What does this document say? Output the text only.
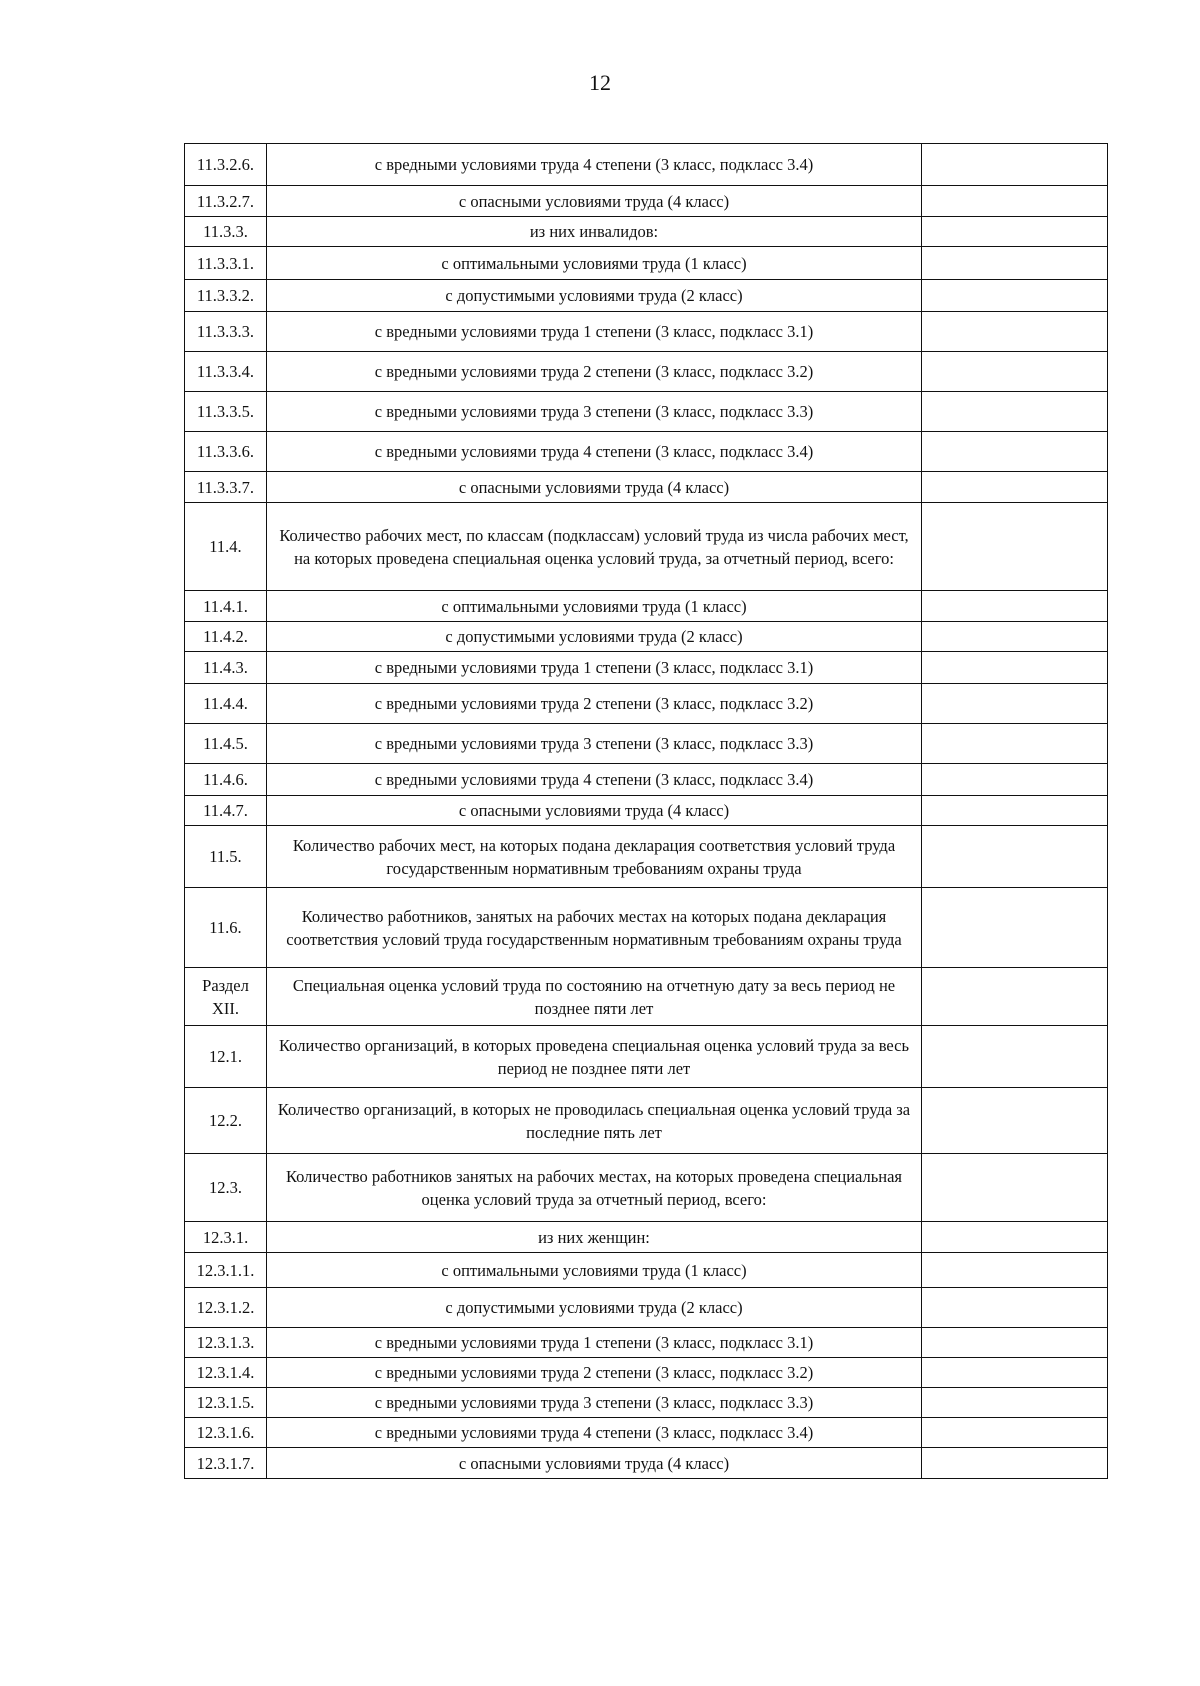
12
11.3.2.6.	с вредными условиями труда 4 степени (3 класс, подкласс 3.4)	
11.3.2.7.	с опасными условиями труда (4 класс)	
11.3.3.	из них инвалидов:	
11.3.3.1.	с оптимальными условиями труда (1 класс)	
11.3.3.2.	с допустимыми условиями труда (2 класс)	
11.3.3.3.	с вредными условиями труда 1 степени (3 класс, подкласс 3.1)	
11.3.3.4.	с вредными условиями труда 2 степени (3 класс, подкласс 3.2)	
11.3.3.5.	с вредными условиями труда 3 степени (3 класс, подкласс 3.3)	
11.3.3.6.	с вредными условиями труда 4 степени (3 класс, подкласс 3.4)	
11.3.3.7.	с опасными условиями труда (4 класс)	
11.4.	Количество рабочих мест, по классам (подклассам) условий труда из числа рабочих мест, на которых проведена специальная оценка условий труда, за отчетный период, всего:	
11.4.1.	с оптимальными условиями труда (1 класс)	
11.4.2.	с допустимыми условиями труда (2 класс)	
11.4.3.	с вредными условиями труда 1 степени (3 класс, подкласс 3.1)	
11.4.4.	с вредными условиями труда 2 степени (3 класс, подкласс 3.2)	
11.4.5.	с вредными условиями труда 3 степени (3 класс, подкласс 3.3)	
11.4.6.	с вредными условиями труда 4 степени (3 класс, подкласс 3.4)	
11.4.7.	с опасными условиями труда (4 класс)	
11.5.	Количество рабочих мест, на которых подана декларация соответствия условий труда государственным нормативным требованиям охраны труда	
11.6.	Количество работников, занятых на рабочих местах на которых подана декларация соответствия условий труда государственным нормативным требованиям охраны труда	
Раздел XII.	Специальная оценка условий труда по состоянию на отчетную дату за весь период не позднее пяти лет	
12.1.	Количество организаций, в которых проведена специальная оценка условий труда за весь период не позднее пяти лет	
12.2.	Количество организаций, в которых не проводилась специальная оценка условий труда за последние пять лет	
12.3.	Количество работников занятых на рабочих местах, на которых проведена специальная оценка условий труда за отчетный период, всего:	
12.3.1.	из них женщин:	
12.3.1.1.	с оптимальными условиями труда (1 класс)	
12.3.1.2.	с допустимыми условиями труда (2 класс)	
12.3.1.3.	с вредными условиями труда 1 степени (3 класс, подкласс 3.1)	
12.3.1.4.	с вредными условиями труда 2 степени (3 класс, подкласс 3.2)	
12.3.1.5.	с вредными условиями труда 3 степени (3 класс, подкласс 3.3)	
12.3.1.6.	с вредными условиями труда 4 степени (3 класс, подкласс 3.4)	
12.3.1.7.	с опасными условиями труда (4 класс)	
